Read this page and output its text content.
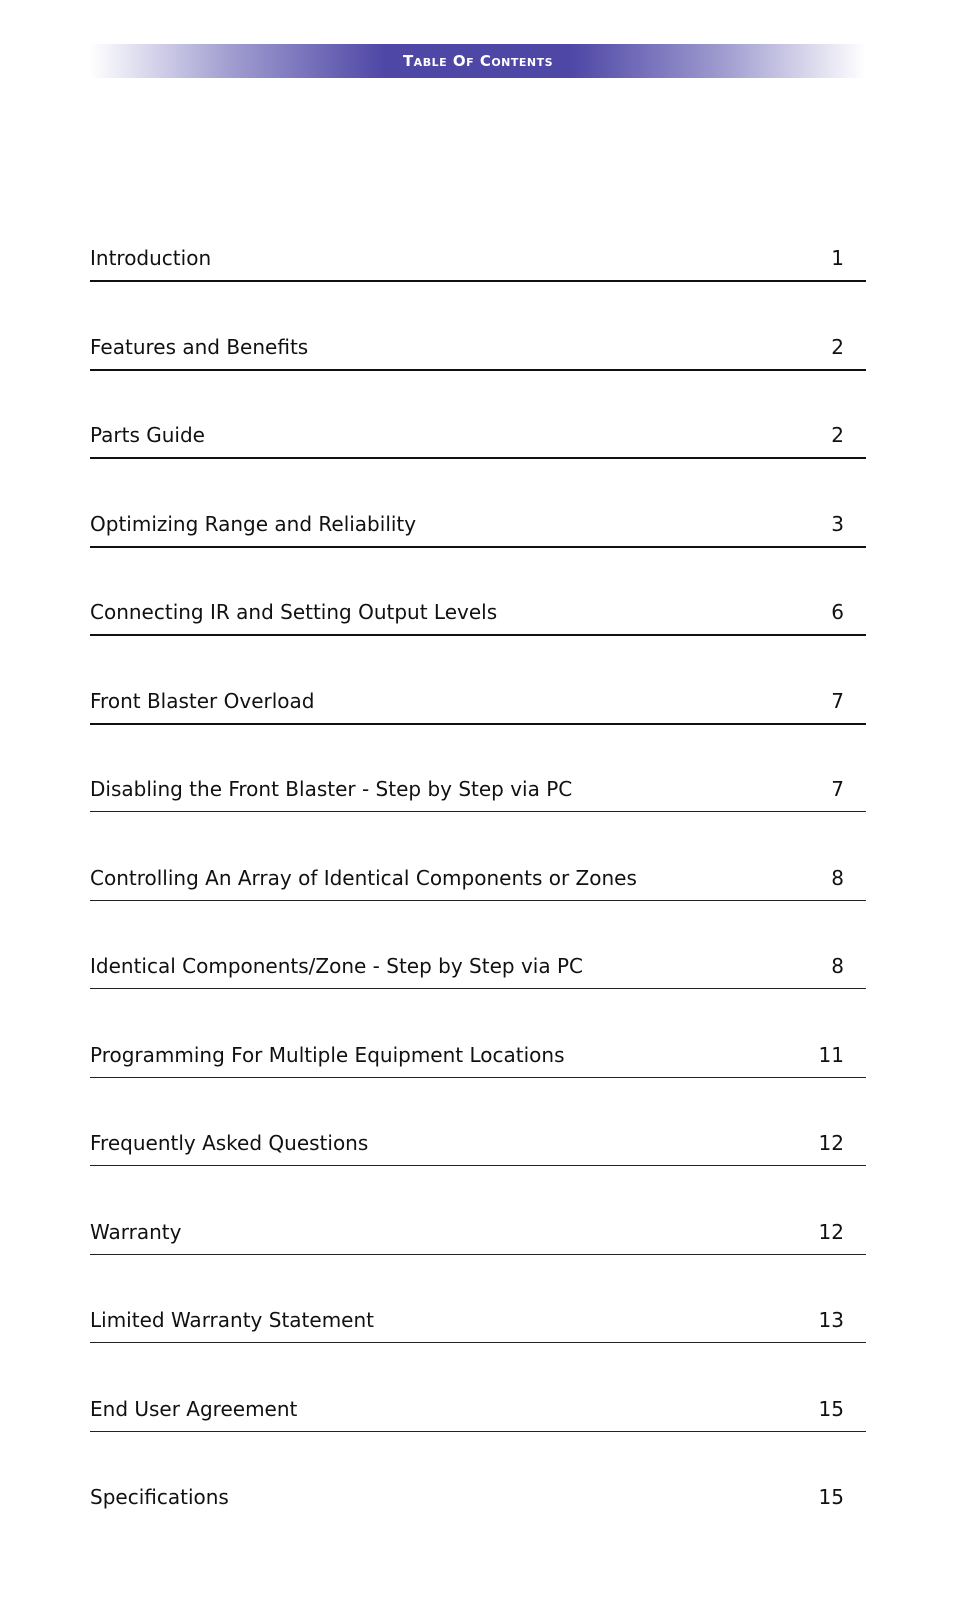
Table Of Contents
Introduction	1
Features and Benefits	2
Parts Guide	2
Optimizing Range and Reliability	3
Connecting IR and Setting Output Levels	6
Front Blaster Overload	7
Disabling the Front Blaster - Step by Step via PC	7
Controlling An Array of Identical Components or Zones	8
Identical Components/Zone - Step by Step via PC	8
Programming For Multiple Equipment Locations	11
Frequently Asked Questions	12
Warranty	12
Limited Warranty Statement	13
End User Agreement	15
Specifications	15
